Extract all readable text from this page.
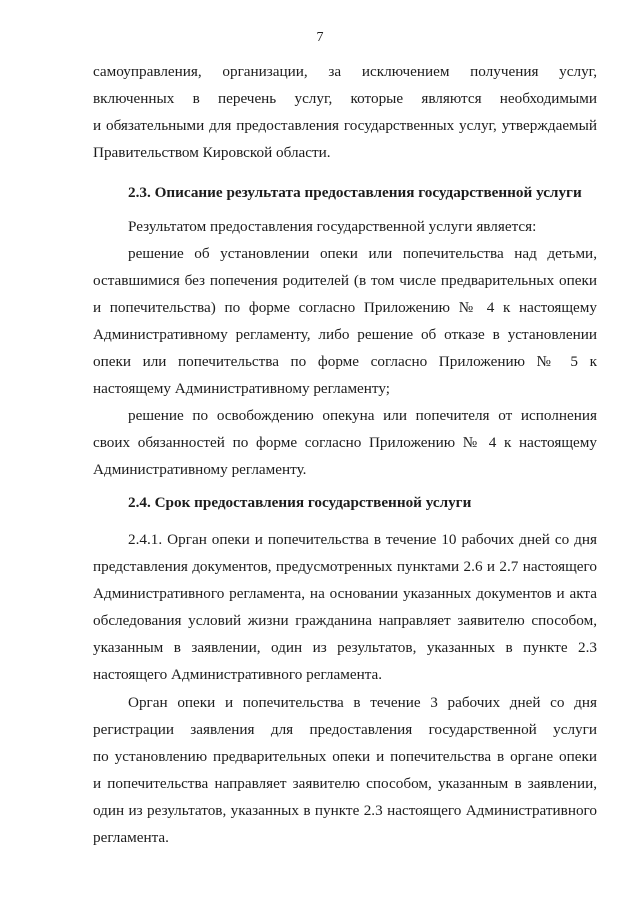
7
самоуправления, организации, за исключением получения услуг,
включенных в перечень услуг, которые являются необходимыми
и обязательными для предоставления государственных услуг, утверждаемый
Правительством Кировской области.
2.3. Описание результата предоставления государственной услуги
Результатом предоставления государственной услуги является:
решение об установлении опеки или попечительства над детьми,
оставшимися без попечения родителей (в том числе предварительных опеки
и попечительства) по форме согласно Приложению № 4 к настоящему
Административному регламенту, либо решение об отказе в установлении
опеки или попечительства по форме согласно Приложению № 5 к
настоящему Административному регламенту;
решение по освобождению опекуна или попечителя от исполнения
своих обязанностей по форме согласно Приложению № 4 к настоящему
Административному регламенту.
2.4. Срок предоставления государственной услуги
2.4.1. Орган опеки и попечительства в течение 10 рабочих дней со дня
представления документов, предусмотренных пунктами 2.6 и 2.7 настоящего
Административного регламента, на основании указанных документов и акта
обследования условий жизни гражданина направляет заявителю способом,
указанным в заявлении, один из результатов, указанных в пункте 2.3
настоящего Административного регламента.
Орган опеки и попечительства в течение 3 рабочих дней со дня
регистрации заявления для предоставления государственной услуги
по установлению предварительных опеки и попечительства в органе опеки
и попечительства направляет заявителю способом, указанным в заявлении,
один из результатов, указанных в пункте 2.3 настоящего Административного
регламента.
